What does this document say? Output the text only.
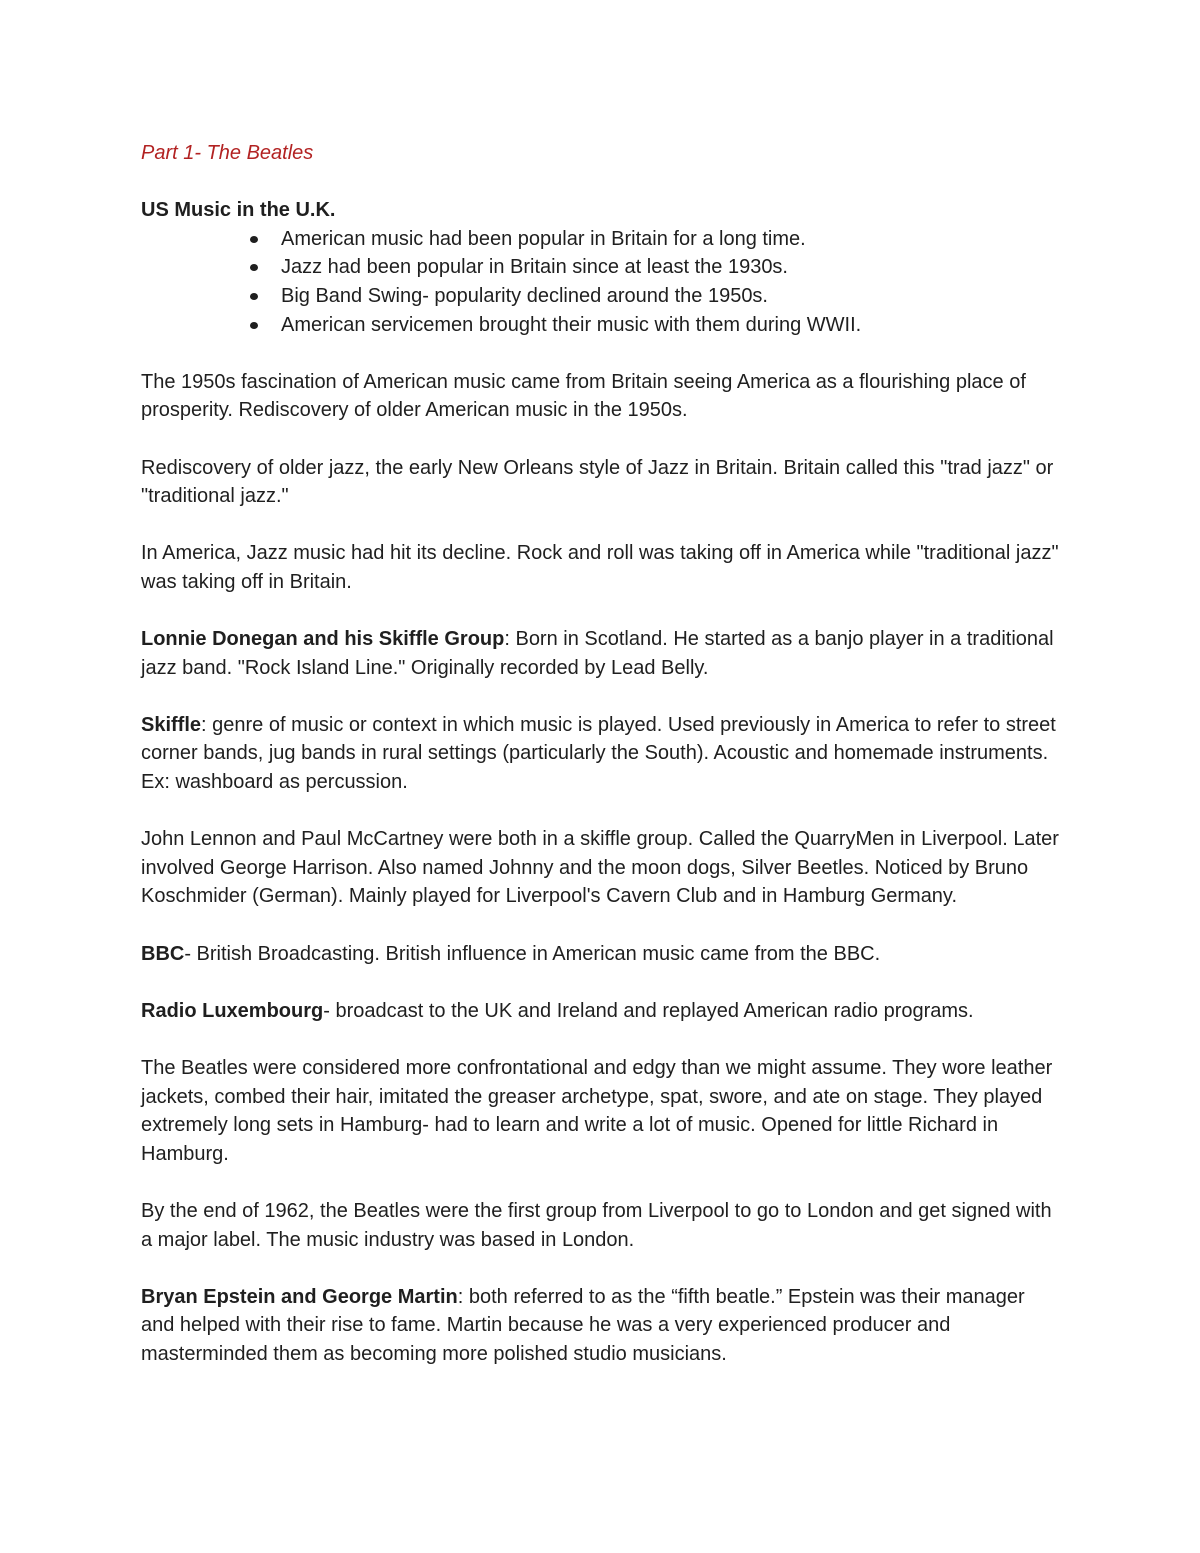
Part 1- The Beatles
US Music in the U.K.
American music had been popular in Britain for a long time.
Jazz had been popular in Britain since at least the 1930s.
Big Band Swing- popularity declined around the 1950s.
American servicemen brought their music with them during WWII.

The 1950s fascination of American music came from Britain seeing America as a flourishing place of prosperity. Rediscovery of older American music in the 1950s.

Rediscovery of older jazz, the early New Orleans style of Jazz in Britain. Britain called this "trad jazz" or "traditional jazz."

In America, Jazz music had hit its decline. Rock and roll was taking off in America while "traditional jazz" was taking off in Britain.

Lonnie Donegan and his Skiffle Group: Born in Scotland. He started as a banjo player in a traditional jazz band. "Rock Island Line." Originally recorded by Lead Belly.

Skiffle: genre of music or context in which music is played. Used previously in America to refer to street corner bands, jug bands in rural settings (particularly the South). Acoustic and homemade instruments. Ex: washboard as percussion.

John Lennon and Paul McCartney were both in a skiffle group. Called the QuarryMen in Liverpool. Later involved George Harrison. Also named Johnny and the moon dogs, Silver Beetles. Noticed by Bruno Koschmider (German). Mainly played for Liverpool's Cavern Club and in Hamburg Germany.

BBC- British Broadcasting. British influence in American music came from the BBC.

Radio Luxembourg- broadcast to the UK and Ireland and replayed American radio programs.

The Beatles were considered more confrontational and edgy than we might assume. They wore leather jackets, combed their hair, imitated the greaser archetype, spat, swore, and ate on stage. They played extremely long sets in Hamburg- had to learn and write a lot of music. Opened for little Richard in Hamburg.

By the end of 1962, the Beatles were the first group from Liverpool to go to London and get signed with a major label. The music industry was based in London.

Bryan Epstein and George Martin: both referred to as the “fifth beatle.” Epstein was their manager and helped with their rise to fame. Martin because he was a very experienced producer and masterminded them as becoming more polished studio musicians.
